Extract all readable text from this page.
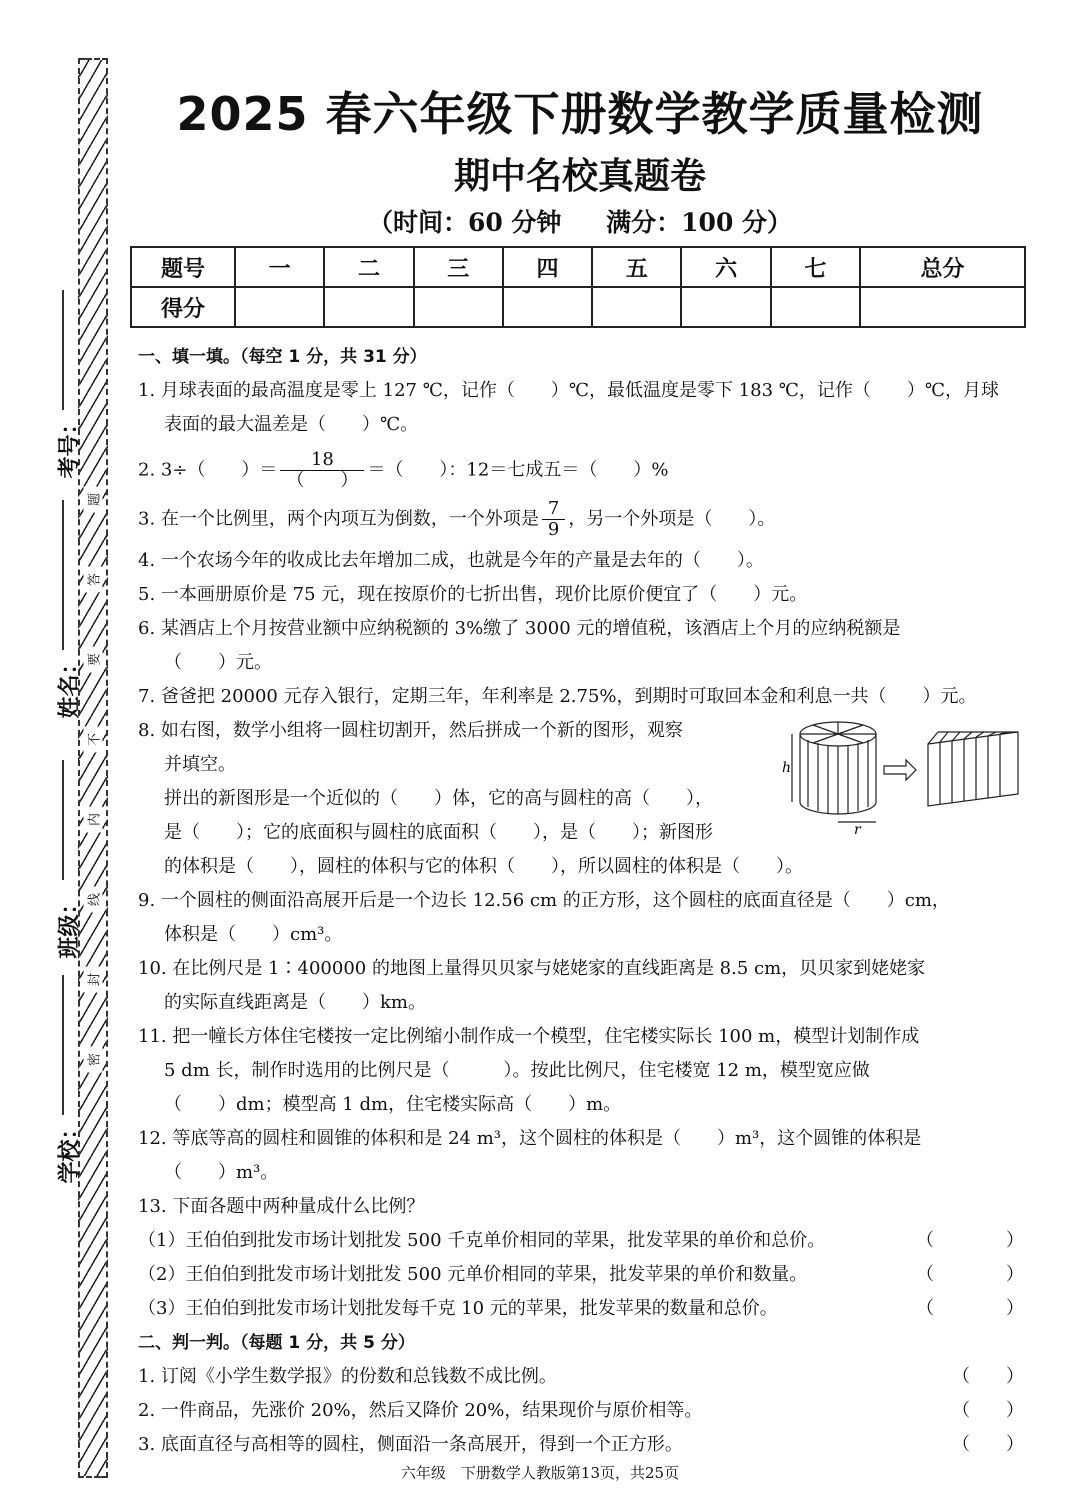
题
答
要
不
内
线
封
密
考号：
姓名：
班级：
学校：
2025 春六年级下册数学教学质量检测
期中名校真题卷
（时间：60 分钟 满分：100 分）
题号	一	二	三	四	五	六	七	总分
得分								
一、填一填。（每空 1 分，共 31 分）
1. 月球表面的最高温度是零上 127 ℃，记作（　　）℃，最低温度是零下 183 ℃，记作（　　）℃，月球
表面的最大温差是（　　）℃。
2. 3÷（　　）＝ $\frac{18}{( )}$ ＝（　　）：12＝七成五＝（　　）%
3. 在一个比例里，两个内项互为倒数，一个外项是 $\frac{7}{9}$ ，另一个外项是（　　）。
4. 一个农场今年的收成比去年增加二成，也就是今年的产量是去年的（　　）。
5. 一本画册原价是 75 元，现在按原价的七折出售，现价比原价便宜了（　　）元。
6. 某酒店上个月按营业额中应纳税额的 3%缴了 3000 元的增值税，该酒店上个月的应纳税额是
（　　）元。
7. 爸爸把 20000 元存入银行，定期三年，年利率是 2.75%，到期时可取回本金和利息一共（　　）元。
8. 如右图，数学小组将一圆柱切割开，然后拼成一个新的图形，观察
并填空。
拼出的新图形是一个近似的（　　）体，它的高与圆柱的高（　　），
是（　　）；它的底面积与圆柱的底面积（　　），是（　　）；新图形
的体积是（　　），圆柱的体积与它的体积（　　），所以圆柱的体积是（　　）。
h
r
9. 一个圆柱的侧面沿高展开后是一个边长 12.56 cm 的正方形，这个圆柱的底面直径是（　　）cm，
体积是（　　）cm³。
10. 在比例尺是 1∶400000 的地图上量得贝贝家与姥姥家的直线距离是 8.5 cm，贝贝家到姥姥家
的实际直线距离是（　　）km。
11. 把一幢长方体住宅楼按一定比例缩小制作成一个模型，住宅楼实际长 100 m，模型计划制作成
5 dm 长，制作时选用的比例尺是（　　　）。按此比例尺，住宅楼宽 12 m，模型宽应做
（　　）dm；模型高 1 dm，住宅楼实际高（　　）m。
12. 等底等高的圆柱和圆锥的体积和是 24 m³，这个圆柱的体积是（　　）m³，这个圆锥的体积是
（　　）m³。
13. 下面各题中两种量成什么比例？
（1）王伯伯到批发市场计划批发 500 千克单价相同的苹果，批发苹果的单价和总价。	（　　　　）
（2）王伯伯到批发市场计划批发 500 元单价相同的苹果，批发苹果的单价和数量。	（　　　　）
（3）王伯伯到批发市场计划批发每千克 10 元的苹果，批发苹果的数量和总价。	（　　　　）
二、判一判。（每题 1 分，共 5 分）
1. 订阅《小学生数学报》的份数和总钱数不成比例。	（　　）
2. 一件商品，先涨价 20%，然后又降价 20%，结果现价与原价相等。	（　　）
3. 底面直径与高相等的圆柱，侧面沿一条高展开，得到一个正方形。	（　　）
六年级　下册数学人教版第13页，共25页
